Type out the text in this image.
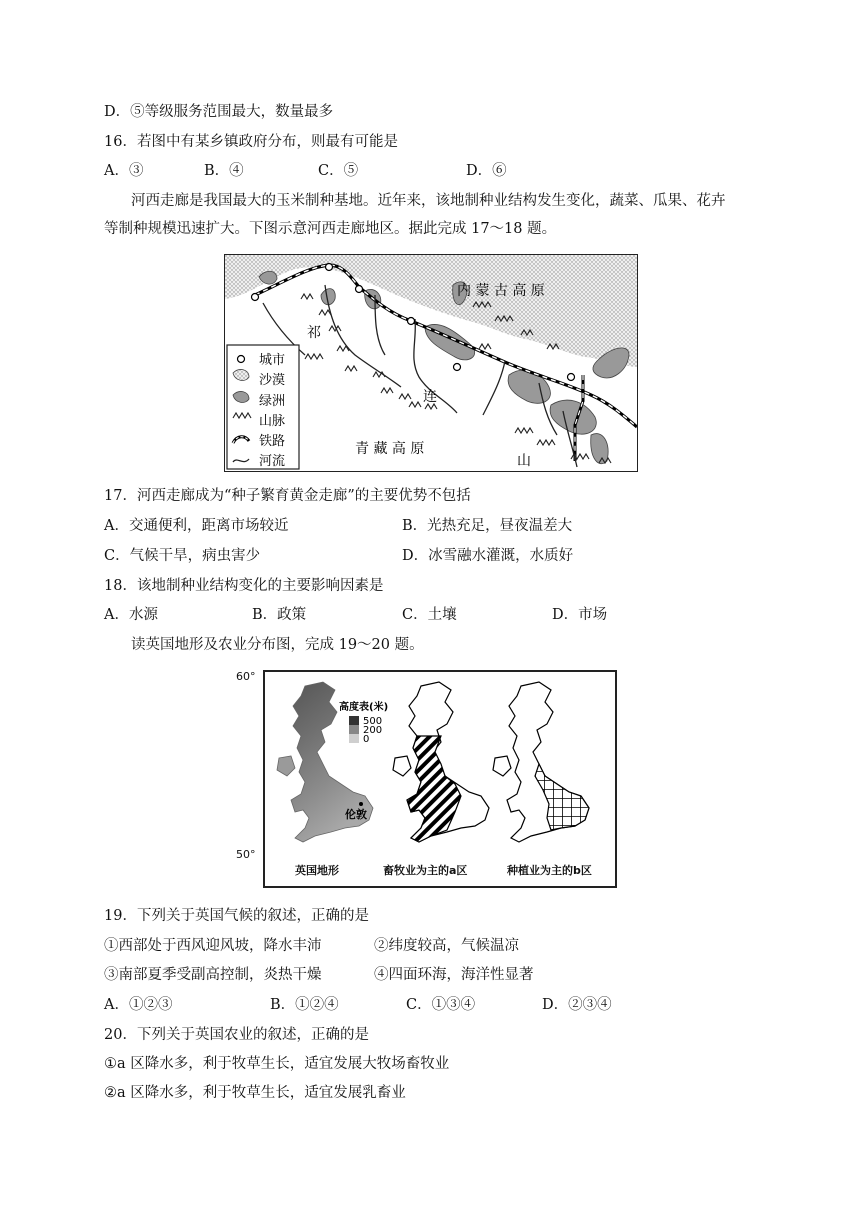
D．⑤等级服务范围最大，数量最多
16．若图中有某乡镇政府分布，则最有可能是
A．③	B．④	C．⑤	D．⑥
河西走廊是我国最大的玉米制种基地。近年来，该地制种业结构发生变化，蔬菜、瓜果、花卉
等制种规模迅速扩大。下图示意河西走廊地区。据此完成 17～18 题。
内 蒙 古 高 原
祁
连
山
青 藏 高 原
城市
沙漠
绿洲
山脉
铁路
河流
17．河西走廊成为“种子繁育黄金走廊”的主要优势不包括
A．交通便利，距离市场较近	B．光热充足，昼夜温差大
C．气候干旱，病虫害少	D．冰雪融水灌溉，水质好
18．该地制种业结构变化的主要影响因素是
A．水源	B．政策	C．土壤	D．市场
读英国地形及农业分布图，完成 19～20 题。
60°
50°
高度表(米)
500
200
0
伦敦
英国地形	畜牧业为主的a区	种植业为主的b区
19．下列关于英国气候的叙述，正确的是
①西部处于西风迎风坡，降水丰沛	②纬度较高，气候温凉
③南部夏季受副高控制，炎热干燥	④四面环海，海洋性显著
A．①②③	B．①②④	C．①③④	D．②③④
20．下列关于英国农业的叙述，正确的是
①a 区降水多，利于牧草生长，适宜发展大牧场畜牧业
②a 区降水多，利于牧草生长，适宜发展乳畜业
